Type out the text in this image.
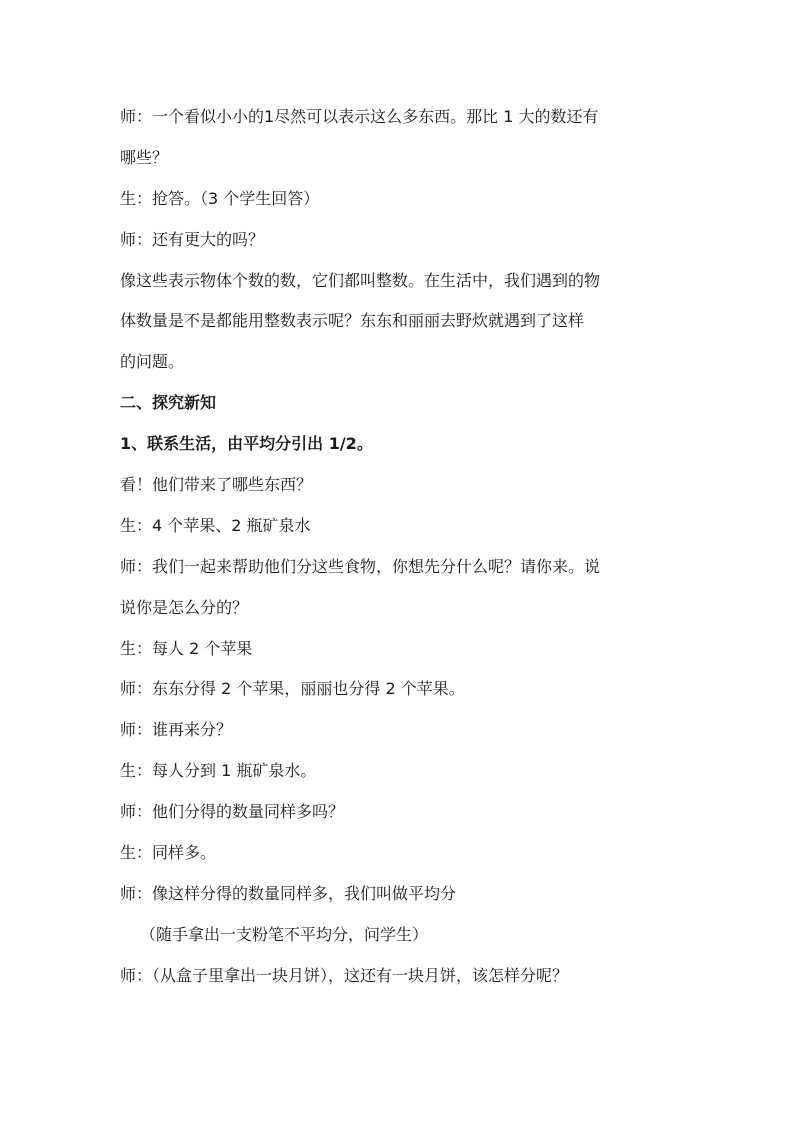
师：一个看似小小的1尽然可以表示这么多东西。那比 1 大的数还有
哪些？
生：抢答。（3 个学生回答）
师：还有更大的吗？
像这些表示物体个数的数，它们都叫整数。在生活中，我们遇到的物
体数量是不是都能用整数表示呢？东东和丽丽去野炊就遇到了这样
的问题。
二、探究新知
1、联系生活，由平均分引出 1/2。
看！他们带来了哪些东西？
生：4 个苹果、2 瓶矿泉水
师：我们一起来帮助他们分这些食物，你想先分什么呢？请你来。说
说你是怎么分的？
生：每人 2 个苹果
师：东东分得 2 个苹果，丽丽也分得 2 个苹果。
师：谁再来分？
生：每人分到 1 瓶矿泉水。
师：他们分得的数量同样多吗？
生：同样多。
师：像这样分得的数量同样多，我们叫做平均分
（随手拿出一支粉笔不平均分，问学生）
师：（从盒子里拿出一块月饼），这还有一块月饼，该怎样分呢？
